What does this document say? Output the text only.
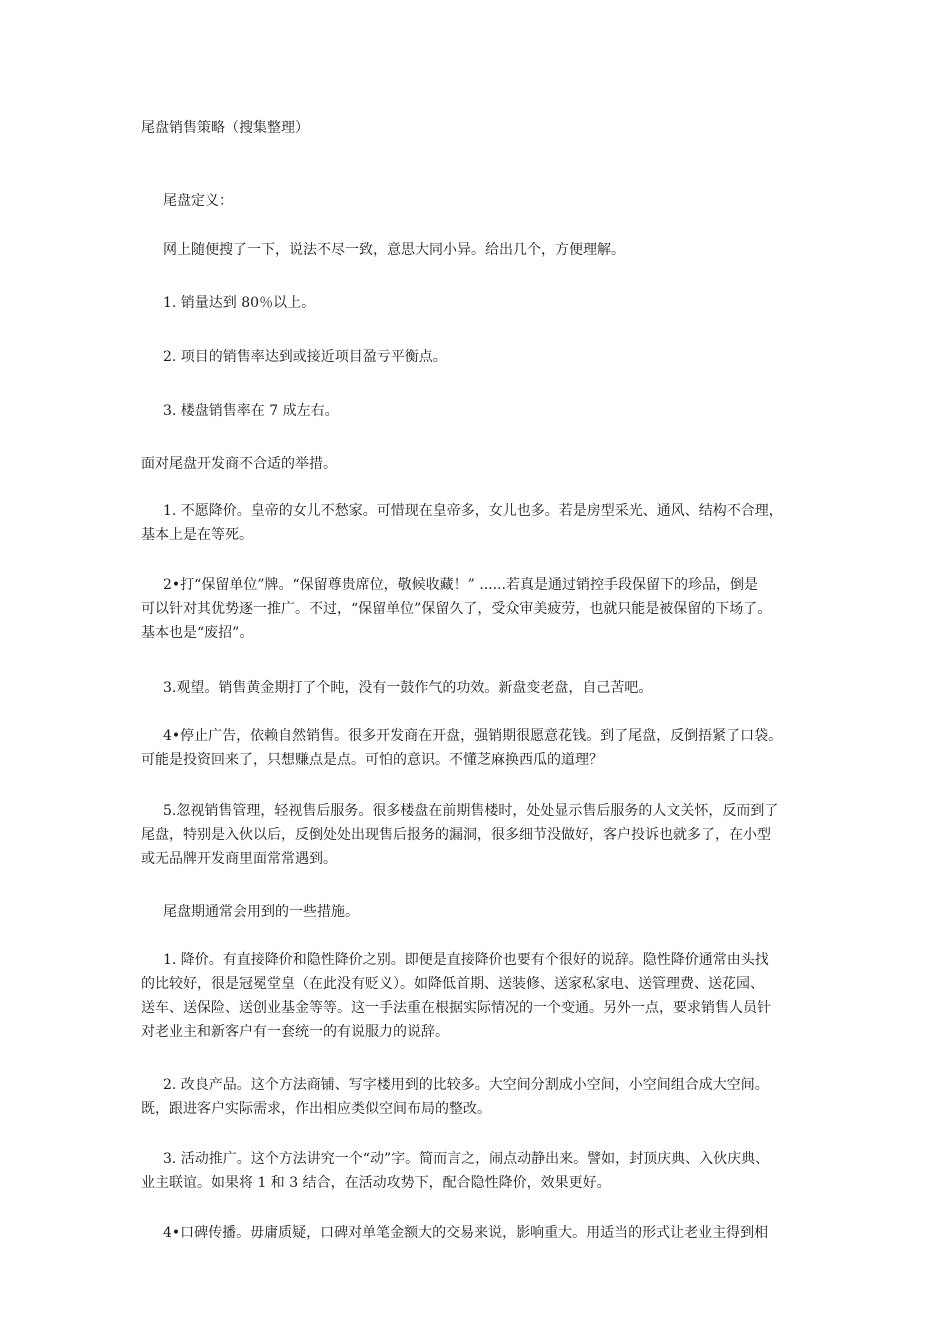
尾盘销售策略（搜集整理）
尾盘定义：
网上随便搜了一下，说法不尽一致，意思大同小异。给出几个，方便理解。
1. 销量达到 80％以上。
2. 项目的销售率达到或接近项目盈亏平衡点。
3. 楼盘销售率在 7 成左右。
面对尾盘开发商不合适的举措。
1. 不愿降价。皇帝的女儿不愁家。可惜现在皇帝多，女儿也多。若是房型采光、通风、结构不合理，
基本上是在等死。
2•打“保留单位”牌。“保留尊贵席位，敬候收藏！” ......若真是通过销控手段保留下的珍品，倒是
可以针对其优势逐一推广。不过，“保留单位”保留久了，受众审美疲劳，也就只能是被保留的下场了。
基本也是“废招”。
3.观望。销售黄金期打了个盹，没有一鼓作气的功效。新盘变老盘，自己苦吧。
4•停止广告，依赖自然销售。很多开发商在开盘，强销期很愿意花钱。到了尾盘，反倒捂紧了口袋。
可能是投资回来了，只想赚点是点。可怕的意识。不懂芝麻换西瓜的道理？
5.忽视销售管理，轻视售后服务。很多楼盘在前期售楼时，处处显示售后服务的人文关怀，反而到了
尾盘，特别是入伙以后，反倒处处出现售后报务的漏洞，很多细节没做好，客户投诉也就多了，在小型
或无品牌开发商里面常常遇到。
尾盘期通常会用到的一些措施。
1. 降价。有直接降价和隐性降价之别。即便是直接降价也要有个很好的说辞。隐性降价通常由头找
的比较好，很是冠冕堂皇（在此没有贬义）。如降低首期、送装修、送家私家电、送管理费、送花园、
送车、送保险、送创业基金等等。这一手法重在根据实际情况的一个变通。另外一点，要求销售人员针
对老业主和新客户有一套统一的有说服力的说辞。
2. 改良产品。这个方法商铺、写字楼用到的比较多。大空间分割成小空间，小空间组合成大空间。
既，跟进客户实际需求，作出相应类似空间布局的整改。
3. 活动推广。这个方法讲究一个“动”字。简而言之，闹点动静出来。譬如，封顶庆典、入伙庆典、
业主联谊。如果将 1 和 3 结合，在活动攻势下，配合隐性降价，效果更好。
4•口碑传播。毋庸质疑，口碑对单笔金额大的交易来说，影响重大。用适当的形式让老业主得到相
